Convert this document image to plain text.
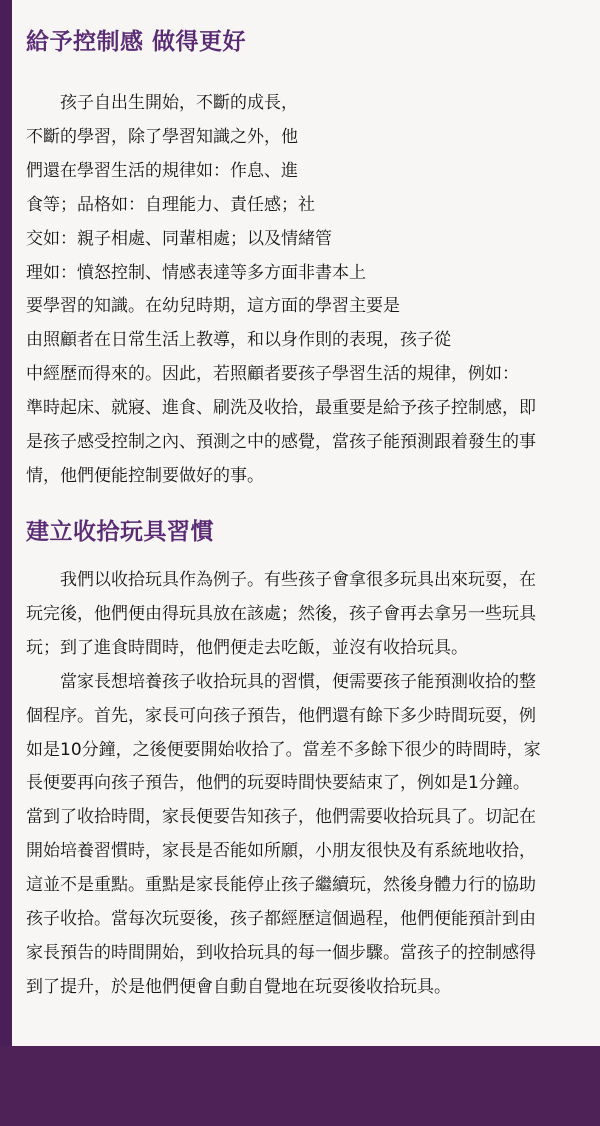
給予控制感 做得更好
孩子自出生開始，不斷的成長，
不斷的學習，除了學習知識之外，他
們還在學習生活的規律如：作息、進
食等；品格如：自理能力、責任感；社
交如：親子相處、同輩相處；以及情緒管
理如：憤怒控制、情感表達等多方面非書本上
要學習的知識。在幼兒時期，這方面的學習主要是
由照顧者在日常生活上教導，和以身作則的表現，孩子從
中經歷而得來的。因此，若照顧者要孩子學習生活的規律，例如：
準時起床、就寢、進食、刷洗及收拾，最重要是給予孩子控制感，即
是孩子感受控制之內、預測之中的感覺，當孩子能預測跟着發生的事
情，他們便能控制要做好的事。
建立收拾玩具習慣
我們以收拾玩具作為例子。有些孩子會拿很多玩具出來玩耍，在
玩完後，他們便由得玩具放在該處；然後，孩子會再去拿另一些玩具
玩；到了進食時間時，他們便走去吃飯，並沒有收拾玩具。
當家長想培養孩子收拾玩具的習慣，便需要孩子能預測收拾的整
個程序。首先，家長可向孩子預告，他們還有餘下多少時間玩耍，例
如是10分鐘，之後便要開始收拾了。當差不多餘下很少的時間時，家
長便要再向孩子預告，他們的玩耍時間快要結束了，例如是1分鐘。
當到了收拾時間，家長便要告知孩子，他們需要收拾玩具了。切記在
開始培養習慣時，家長是否能如所願，小朋友很快及有系統地收拾，
這並不是重點。重點是家長能停止孩子繼續玩，然後身體力行的協助
孩子收拾。當每次玩耍後，孩子都經歷這個過程，他們便能預計到由
家長預告的時間開始，到收拾玩具的每一個步驟。當孩子的控制感得
到了提升，於是他們便會自動自覺地在玩耍後收拾玩具。
